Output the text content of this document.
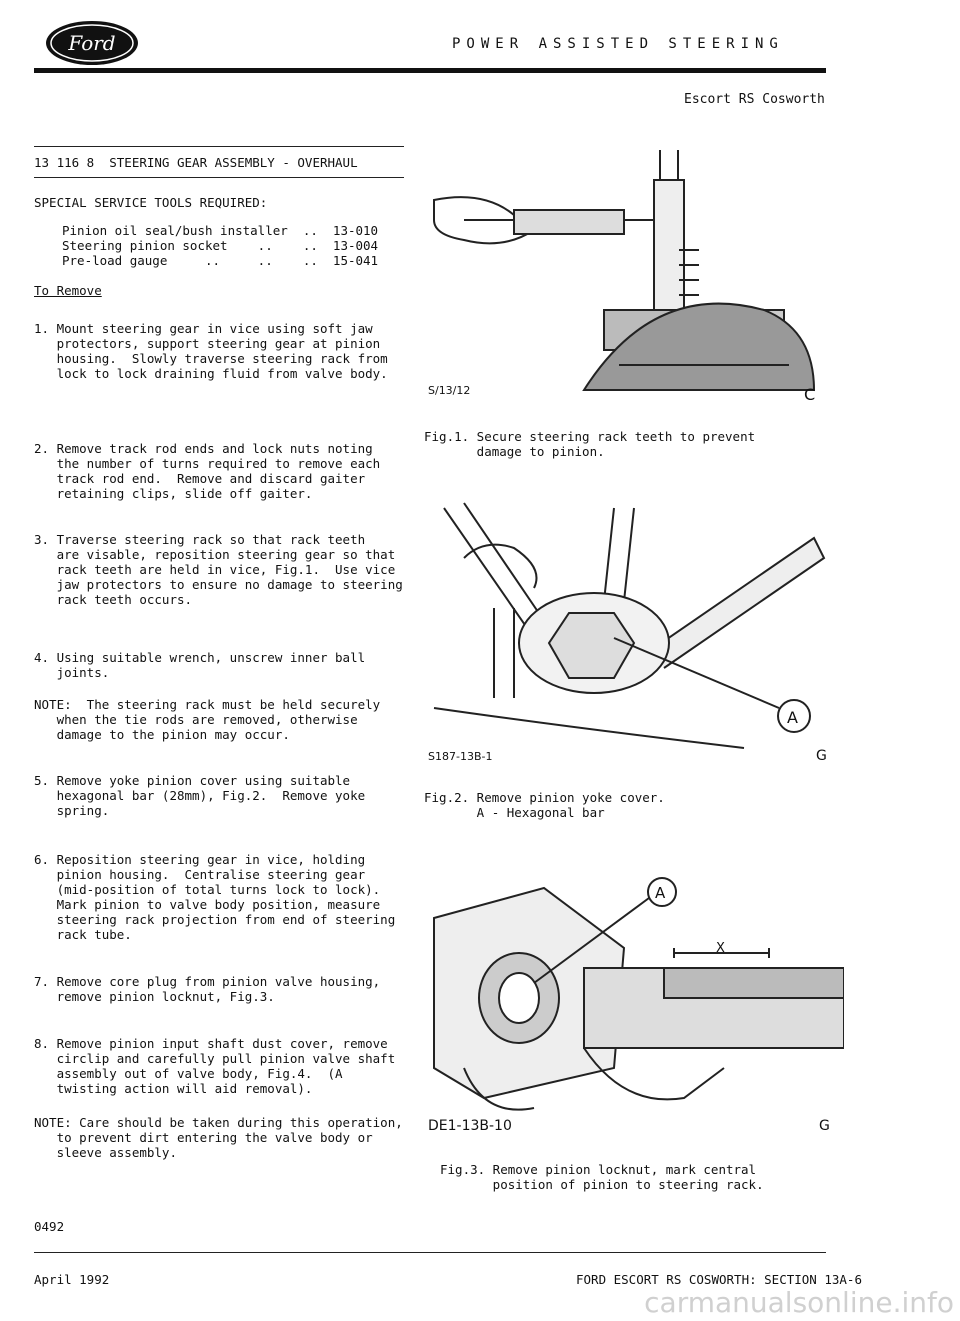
Ford	POWER ASSISTED STEERING
Escort RS Cosworth
13 116 8  STEERING GEAR ASSEMBLY - OVERHAUL
SPECIAL SERVICE TOOLS REQUIRED:
Pinion oil seal/bush installer  ..  13-010
Steering pinion socket    ..    ..  13-004
Pre-load gauge     ..     ..    ..  15-041
To Remove
1. Mount steering gear in vice using soft jaw
protectors, support steering gear at pinion
housing.  Slowly traverse steering rack from
lock to lock draining fluid from valve body.
2. Remove track rod ends and lock nuts noting
the number of turns required to remove each
track rod end.  Remove and discard gaiter
retaining clips, slide off gaiter.
3. Traverse steering rack so that rack teeth
are visable, reposition steering gear so that
rack teeth are held in vice, Fig.1.  Use vice
jaw protectors to ensure no damage to steering
rack teeth occurs.
4. Using suitable wrench, unscrew inner ball
joints.
NOTE:  The steering rack must be held securely
when the tie rods are removed, otherwise
damage to the pinion may occur.
5. Remove yoke pinion cover using suitable
hexagonal bar (28mm), Fig.2.  Remove yoke
spring.
6. Reposition steering gear in vice, holding
pinion housing.  Centralise steering gear
(mid-position of total turns lock to lock).
Mark pinion to valve body position, measure
steering rack projection from end of steering
rack tube.
7. Remove core plug from pinion valve housing,
remove pinion locknut, Fig.3.
8. Remove pinion input shaft dust cover, remove
circlip and carefully pull pinion valve shaft
assembly out of valve body, Fig.4.  (A
twisting action will aid removal).
NOTE: Care should be taken during this operation,
to prevent dirt entering the valve body or
sleeve assembly.
0492
S/13/12	C
Fig.1. Secure steering rack teeth to prevent
damage to pinion.
A
S187-13B-1	G
Fig.2. Remove pinion yoke cover.
A - Hexagonal bar
A
X
DE1-13B-10	G
Fig.3. Remove pinion locknut, mark central
position of pinion to steering rack.
April 1992	FORD ESCORT RS COSWORTH: SECTION 13A-6
carmanualsonline.info
